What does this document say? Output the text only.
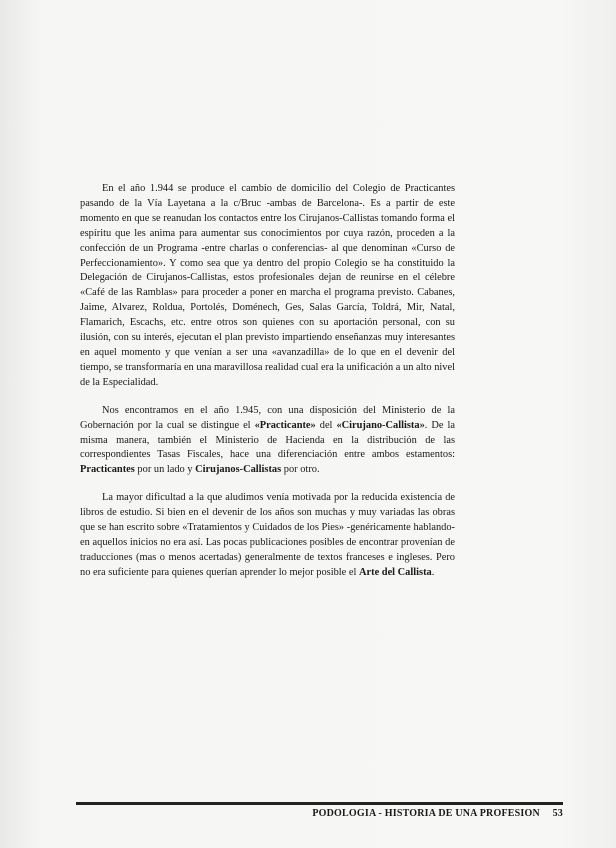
En el año 1.944 se produce el cambio de domicilio del Colegio de Practicantes pasando de la Vía Layetana a la c/Bruc -ambas de Barcelona-. Es a partir de este momento en que se reanudan los contactos entre los Cirujanos-Callistas tomando forma el espíritu que les anima para aumentar sus conocimientos por cuya razón, proceden a la confección de un Programa -entre charlas o conferencias- al que denominan «Curso de Perfeccionamiento». Y como sea que ya dentro del propio Colegio se ha constituido la Delegación de Cirujanos-Callistas, estos profesionales dejan de reunirse en el célebre «Café de las Ramblas» para proceder a poner en marcha el programa previsto. Cabanes, Jaime, Alvarez, Roldua, Portolés, Doménech, Ges, Salas García, Toldrá, Mir, Natal, Flamarich, Escachs, etc. entre otros son quienes con su aportación personal, con su ilusión, con su interés, ejecutan el plan previsto impartiendo enseñanzas muy interesantes en aquel momento y que venían a ser una «avanzadilla» de lo que en el devenir del tiempo, se transformaría en una maravillosa realidad cual era la unificación a un alto nivel de la Especialidad.

Nos encontramos en el año 1.945, con una disposición del Ministerio de la Gobernación por la cual se distingue el «Practicante» del «Cirujano-Callista». De la misma manera, también el Ministerio de Hacienda en la distribución de las correspondientes Tasas Fiscales, hace una diferenciación entre ambos estamentos: Practicantes por un lado y Cirujanos-Callistas por otro.

La mayor dificultad a la que aludimos venía motivada por la reducida existencia de libros de estudio. Si bien en el devenir de los años son muchas y muy variadas las obras que se han escrito sobre «Tratamientos y Cuidados de los Pies» -genéricamente hablando- en aquellos inicios no era así. Las pocas publicaciones posibles de encontrar provenían de traducciones (mas o menos acertadas) generalmente de textos franceses e ingleses. Pero no era suficiente para quienes querían aprender lo mejor posible el Arte del Callista.

PODOLOGIA - HISTORIA DE UNA PROFESION 53
